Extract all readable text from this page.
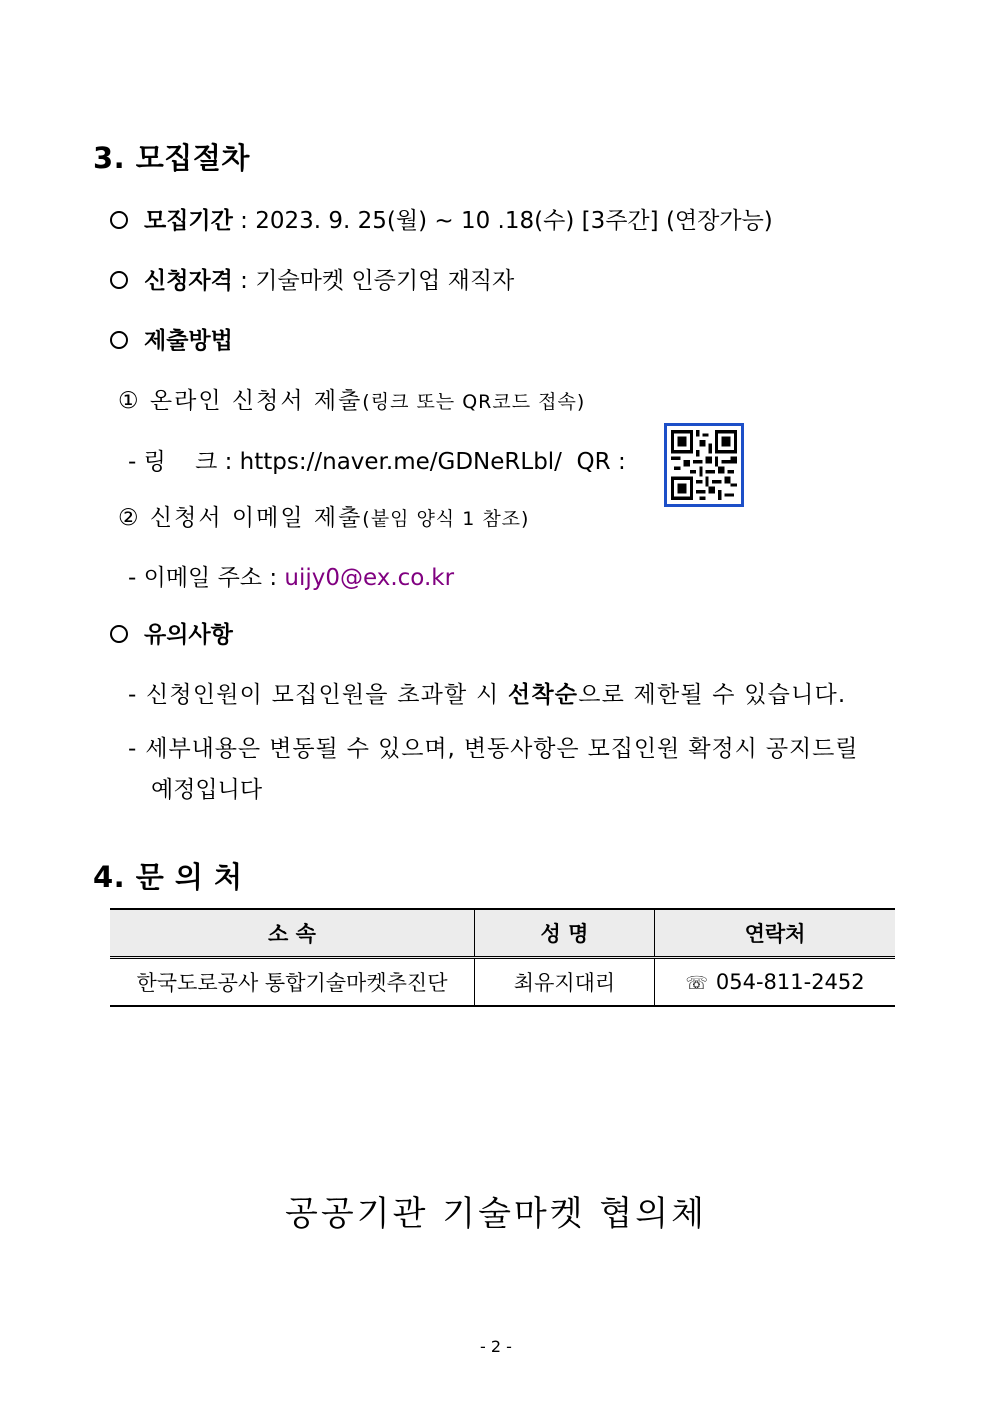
3. 모집절차
모집기간 : 2023. 9. 25(월) ~ 10 .18(수) [3주간] (연장가능)
신청자격 : 기술마켓 인증기업 재직자
제출방법
① 온라인 신청서 제출(링크 또는 QR코드 접속)
- 링    크 : https://naver.me/GDNeRLbl/  QR :
② 신청서 이메일 제출(붙임 양식 1 참조)
- 이메일 주소 : uijy0@ex.co.kr
유의사항
- 신청인원이 모집인원을 초과할 시 선착순으로 제한될 수 있습니다.
- 세부내용은 변동될 수 있으며, 변동사항은 모집인원 확정시 공지드릴
예정입니다
4. 문 의 처
소 속	성 명	연락처
한국도로공사 통합기술마켓추진단	최유지대리	☏ 054-811-2452
공공기관 기술마켓 협의체
- 2 -
